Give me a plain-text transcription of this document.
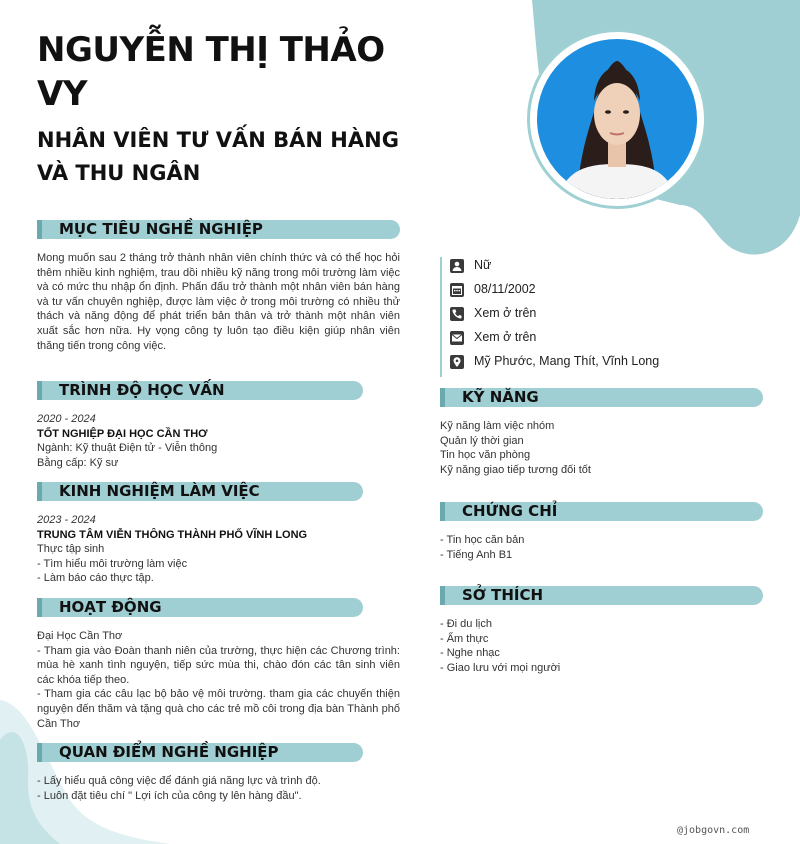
NGUYỄN THỊ THẢO VY
NHÂN VIÊN TƯ VẤN BÁN HÀNG VÀ THU NGÂN
MỤC TIÊU NGHỀ NGHIỆP
Mong muốn sau 2 tháng trở thành nhân viên chính thức và có thể học hỏi thêm nhiều kinh nghiệm, trau dồi nhiều kỹ năng trong môi trường làm việc và có mức thu nhập ổn định. Phấn đấu trở thành một nhân viên bán hàng và tư vấn chuyên nghiệp, được làm việc ở trong môi trường có nhiều thử thách và năng động để phát triển bản thân và trở thành một nhân viên xuất sắc hơn nữa. Hy vọng công ty luôn tạo điều kiện giúp nhân viên thăng tiến trong công việc.
TRÌNH ĐỘ HỌC VẤN
2020 - 2024
TỐT NGHIỆP ĐẠI HỌC CẦN THƠ
Ngành: Kỹ thuật Điện tử - Viễn thông
Bằng cấp: Kỹ sư
KINH NGHIỆM LÀM VIỆC
2023 - 2024
TRUNG TÂM VIỄN THÔNG THÀNH PHỐ VĨNH LONG
Thực tập sinh
- Tìm hiểu môi trường làm việc
- Làm báo cáo thực tập.
HOẠT ĐỘNG
Đại Học Cần Thơ
- Tham gia vào Đoàn thanh niên của trường, thực hiện các Chương trình: mùa hè xanh tình nguyện, tiếp sức mùa thi, chào đón các tân sinh viên các khóa tiếp theo.
- Tham gia các câu lạc bộ bảo vệ môi trường. tham gia các chuyến thiện nguyện đến thăm và tặng quà cho các trẻ mồ côi trong địa bàn Thành phố Cần Thơ
QUAN ĐIỂM NGHỀ NGHIỆP
- Lấy hiểu quả công việc để đánh giá năng lực và trình độ.
- Luôn đặt tiêu chí " Lợi ích của công ty lên hàng đầu".
Nữ
08/11/2002
Xem ở trên
Xem ở trên
Mỹ Phước, Mang Thít, Vĩnh Long
KỸ NĂNG
Kỹ năng làm việc nhóm
Quản lý thời gian
Tin học văn phòng
Kỹ năng giao tiếp tương đối tốt
CHỨNG CHỈ
- Tin học căn bản
- Tiếng Anh B1
SỞ THÍCH
- Đi du lịch
- Ẩm thực
- Nghe nhạc
- Giao lưu với mọi người
@jobgovn.com
